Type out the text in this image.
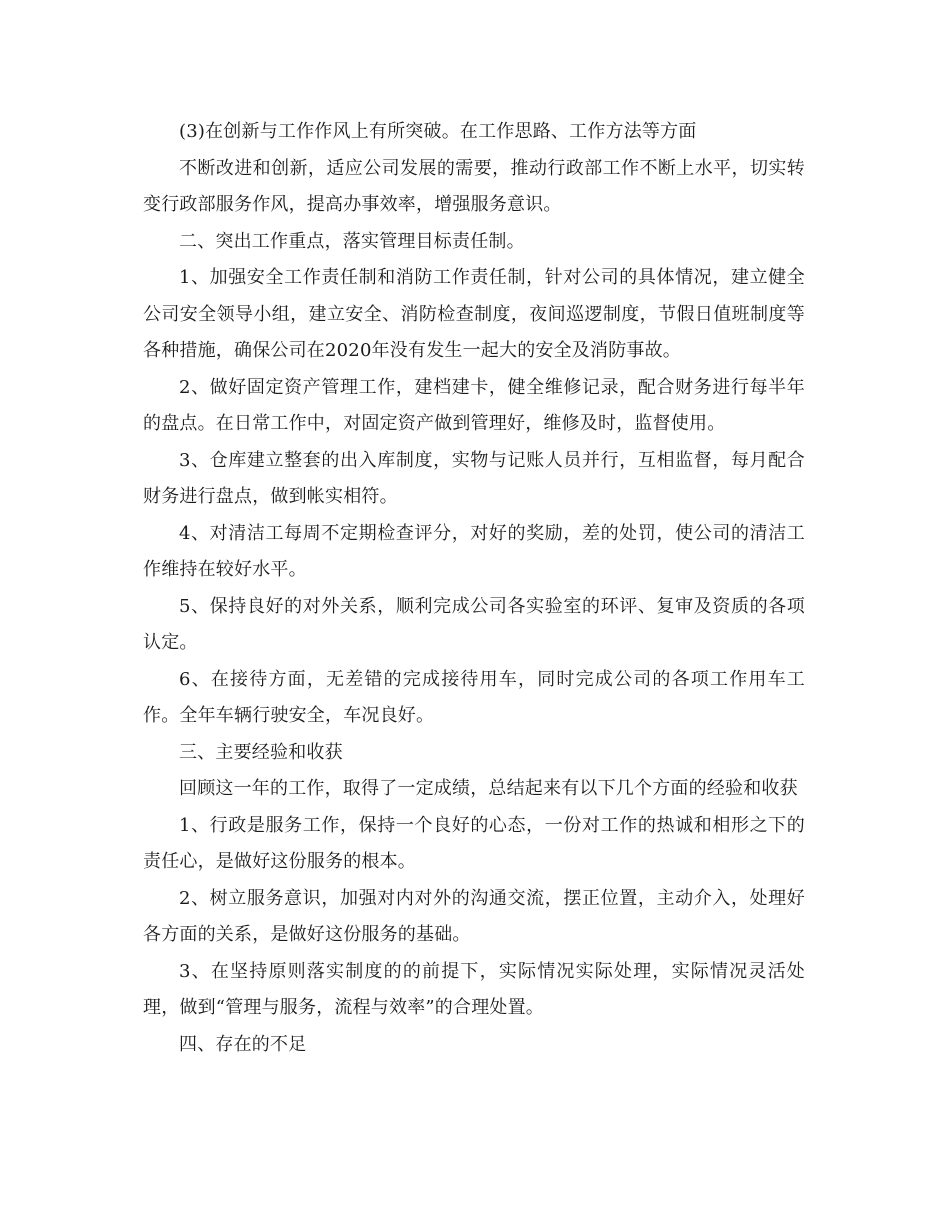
(3)在创新与工作作风上有所突破。在工作思路、工作方法等方面

不断改进和创新，适应公司发展的需要，推动行政部工作不断上水平，切实转变行政部服务作风，提高办事效率，增强服务意识。

二、突出工作重点，落实管理目标责任制。

1、加强安全工作责任制和消防工作责任制，针对公司的具体情况，建立健全公司安全领导小组，建立安全、消防检查制度，夜间巡逻制度，节假日值班制度等各种措施，确保公司在2020年没有发生一起大的安全及消防事故。

2、做好固定资产管理工作，建档建卡，健全维修记录，配合财务进行每半年的盘点。在日常工作中，对固定资产做到管理好，维修及时，监督使用。

3、仓库建立整套的出入库制度，实物与记账人员并行，互相监督，每月配合财务进行盘点，做到帐实相符。

4、对清洁工每周不定期检查评分，对好的奖励，差的处罚，使公司的清洁工作维持在较好水平。

5、保持良好的对外关系，顺利完成公司各实验室的环评、复审及资质的各项认定。

6、在接待方面，无差错的完成接待用车，同时完成公司的各项工作用车工作。全年车辆行驶安全，车况良好。

三、主要经验和收获

回顾这一年的工作，取得了一定成绩，总结起来有以下几个方面的经验和收获

1、行政是服务工作，保持一个良好的心态，一份对工作的热诚和相形之下的责任心，是做好这份服务的根本。

2、树立服务意识，加强对内对外的沟通交流，摆正位置，主动介入，处理好各方面的关系，是做好这份服务的基础。

3、在坚持原则落实制度的的前提下，实际情况实际处理，实际情况灵活处理，做到“管理与服务，流程与效率”的合理处置。

四、存在的不足
